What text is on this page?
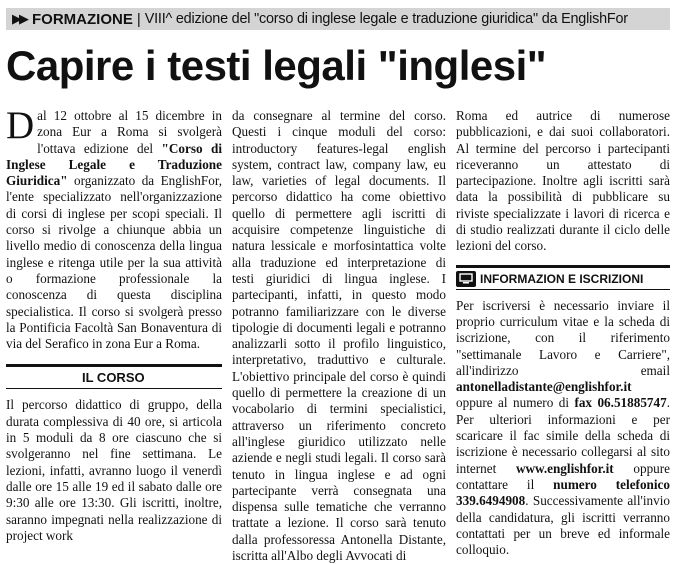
▶▶ FORMAZIONE | VIII^ edizione del "corso di inglese legale e traduzione giuridica" da EnglishFor
Capire i testi legali "inglesi"

Dal 12 ottobre al 15 dicembre in zona Eur a Roma si svolgerà l'ottava edizione del "Corso di Inglese Legale e Traduzione Giuridica" organizzato da EnglishFor, l'ente specializzato nell'organizzazione di corsi di inglese per scopi speciali. Il corso si rivolge a chiunque abbia un livello medio di conoscenza della lingua inglese e ritenga utile per la sua attività o formazione professionale la conoscenza di questa disciplina specialistica. Il corso si svolgerà presso la Pontificia Facoltà San Bonaventura di via del Serafico in zona Eur a Roma.

IL CORSO

Il percorso didattico di gruppo, della durata complessiva di 40 ore, si articola in 5 moduli da 8 ore ciascuno che si svolgeranno nel fine settimana. Le lezioni, infatti, avranno luogo il venerdì dalle ore 15 alle 19 ed il sabato dalle ore 9:30 alle ore 13:30. Gli iscritti, inoltre, saranno impegnati nella realizzazione di project work

da consegnare al termine del corso. Questi i cinque moduli del corso: introductory features-legal english system, contract law, company law, eu law, varieties of legal documents. Il percorso didattico ha come obiettivo quello di permettere agli iscritti di acquisire competenze linguistiche di natura lessicale e morfosintattica volte alla traduzione ed interpretazione di testi giuridici di lingua inglese. I partecipanti, infatti, in questo modo potranno familiarizzare con le diverse tipologie di documenti legali e potranno analizzarli sotto il profilo linguistico, interpretativo, traduttivo e culturale. L'obiettivo principale del corso è quindi quello di permettere la creazione di un vocabolario di termini specialistici, attraverso un riferimento concreto all'inglese giuridico utilizzato nelle aziende e negli studi legali. Il corso sarà tenuto in lingua inglese e ad ogni partecipante verrà consegnata una dispensa sulle tematiche che verranno trattate a lezione. Il corso sarà tenuto dalla professoressa Antonella Distante, iscritta all'Albo degli Avvocati di

Roma ed autrice di numerose pubblicazioni, e dai suoi collaboratori. Al termine del percorso i partecipanti riceveranno un attestato di partecipazione. Inoltre agli iscritti sarà data la possibilità di pubblicare su riviste specializzate i lavori di ricerca e di studio realizzati durante il ciclo delle lezioni del corso.

INFORMAZION E ISCRIZIONI

Per iscriversi è necessario inviare il proprio curriculum vitae e la scheda di iscrizione, con il riferimento "settimanale Lavoro e Carriere", all'indirizzo email antonelladistante@englishfor.it oppure al numero di fax 06.51885747. Per ulteriori informazioni e per scaricare il fac simile della scheda di iscrizione è necessario collegarsi al sito internet www.englishfor.it oppure contattare il numero telefonico 339.6494908. Successivamente all'invio della candidatura, gli iscritti verranno contattati per un breve ed informale colloquio.
